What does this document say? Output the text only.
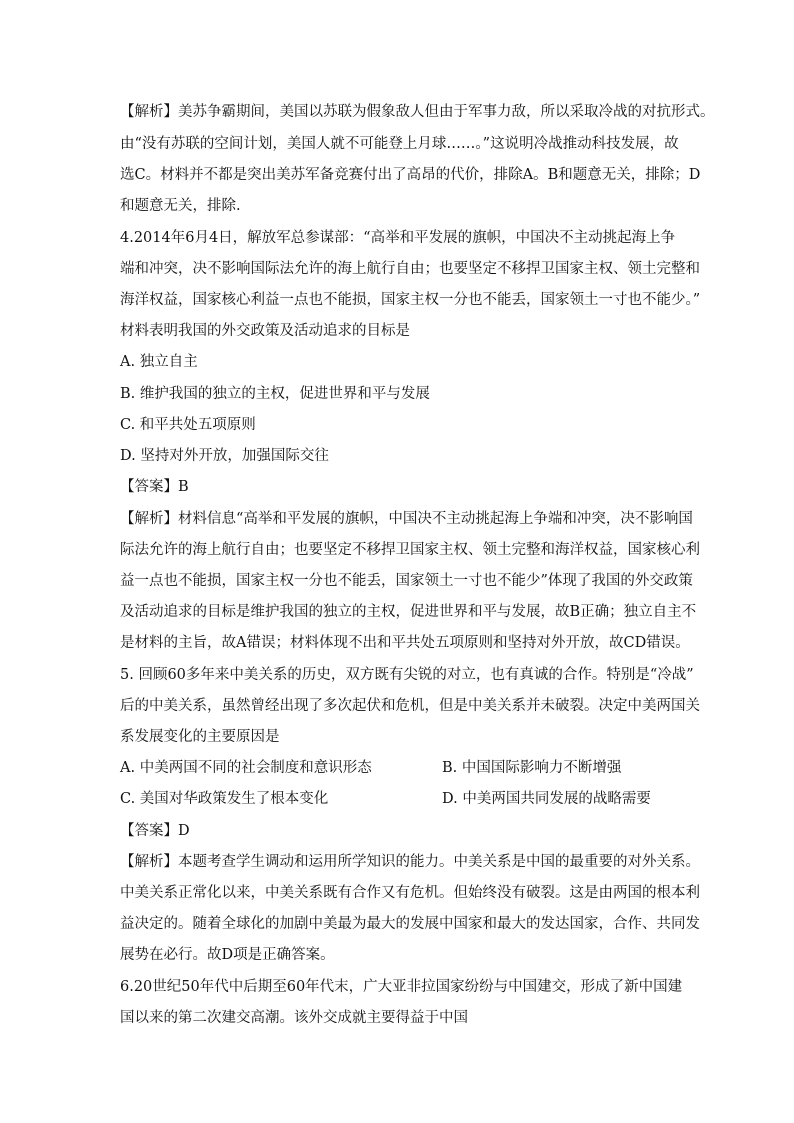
【解析】美苏争霸期间，美国以苏联为假象敌人但由于军事力敌，所以采取冷战的对抗形式。
由“没有苏联的空间计划，美国人就不可能登上月球……。”这说明冷战推动科技发展，故
选C。材料并不都是突出美苏军备竞赛付出了高昂的代价，排除A。B和题意无关，排除；D
和题意无关，排除.
4.2014年6月4日，解放军总参谋部：“高举和平发展的旗帜，中国决不主动挑起海上争
端和冲突，决不影响国际法允许的海上航行自由；也要坚定不移捍卫国家主权、领土完整和
海洋权益，国家核心利益一点也不能损，国家主权一分也不能丢，国家领土一寸也不能少。”
材料表明我国的外交政策及活动追求的目标是
A. 独立自主
B. 维护我国的独立的主权，促进世界和平与发展
C. 和平共处五项原则
D. 坚持对外开放，加强国际交往
【答案】B
【解析】材料信息“高举和平发展的旗帜，中国决不主动挑起海上争端和冲突，决不影响国
际法允许的海上航行自由；也要坚定不移捍卫国家主权、领土完整和海洋权益，国家核心利
益一点也不能损，国家主权一分也不能丢，国家领土一寸也不能少”体现了我国的外交政策
及活动追求的目标是维护我国的独立的主权，促进世界和平与发展，故B正确；独立自主不
是材料的主旨，故A错误；材料体现不出和平共处五项原则和坚持对外开放，故CD错误。
5. 回顾60多年来中美关系的历史，双方既有尖锐的对立，也有真诚的合作。特别是“冷战”
后的中美关系，虽然曾经出现了多次起伏和危机，但是中美关系并未破裂。决定中美两国关
系发展变化的主要原因是
A. 中美两国不同的社会制度和意识形态	B. 中国国际影响力不断增强
C. 美国对华政策发生了根本变化	D. 中美两国共同发展的战略需要
【答案】D
【解析】本题考查学生调动和运用所学知识的能力。中美关系是中国的最重要的对外关系。
中美关系正常化以来，中美关系既有合作又有危机。但始终没有破裂。这是由两国的根本利
益决定的。随着全球化的加剧中美最为最大的发展中国家和最大的发达国家，合作、共同发
展势在必行。故D项是正确答案。
6.20世纪50年代中后期至60年代末，广大亚非拉国家纷纷与中国建交，形成了新中国建
国以来的第二次建交高潮。该外交成就主要得益于中国
